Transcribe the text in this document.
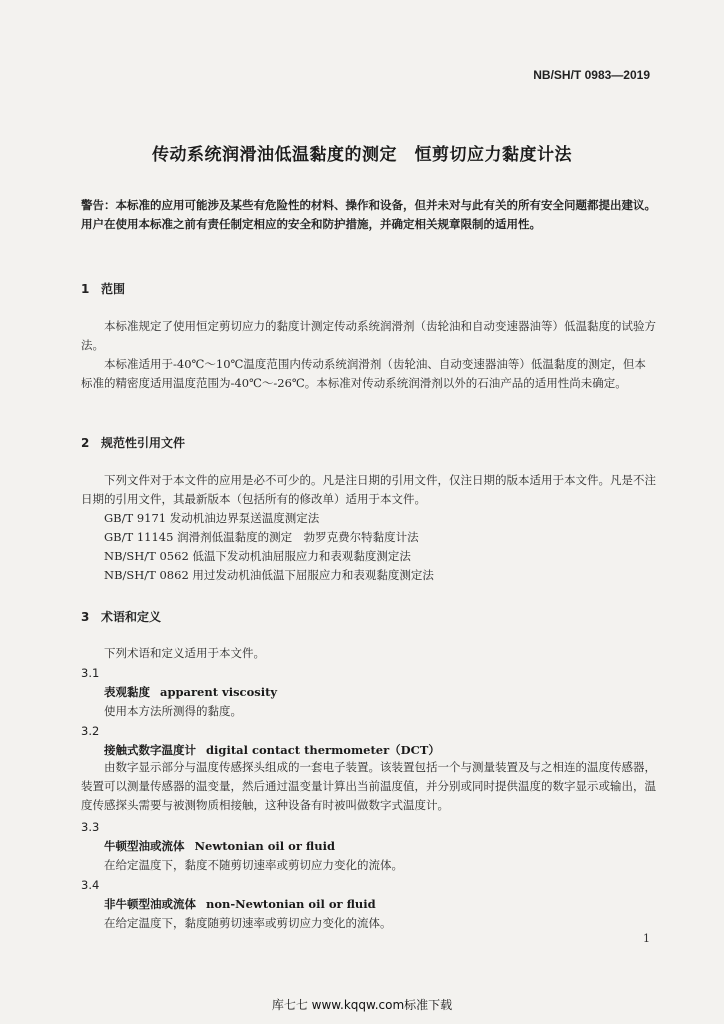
NB/SH/T 0983—2019
传动系统润滑油低温黏度的测定　恒剪切应力黏度计法
警告：本标准的应用可能涉及某些有危险性的材料、操作和设备，但并未对与此有关的所有安全问题都提出建议。用户在使用本标准之前有责任制定相应的安全和防护措施，并确定相关规章限制的适用性。
1 范围

本标准规定了使用恒定剪切应力的黏度计测定传动系统润滑剂（齿轮油和自动变速器油等）低温黏度的试验方法。

本标准适用于-40℃～10℃温度范围内传动系统润滑剂（齿轮油、自动变速器油等）低温黏度的测定，但本标准的精密度适用温度范围为-40℃～-26℃。本标准对传动系统润滑剂以外的石油产品的适用性尚未确定。

2 规范性引用文件

下列文件对于本文件的应用是必不可少的。凡是注日期的引用文件，仅注日期的版本适用于本文件。凡是不注日期的引用文件，其最新版本（包括所有的修改单）适用于本文件。

GB/T 9171 发动机油边界泵送温度测定法
GB/T 11145 润滑剂低温黏度的测定　勃罗克费尔特黏度计法
NB/SH/T 0562 低温下发动机油屈服应力和表观黏度测定法
NB/SH/T 0862 用过发动机油低温下屈服应力和表观黏度测定法
3 术语和定义
下列术语和定义适用于本文件。
3.1
表观黏度 apparent viscosity
使用本方法所测得的黏度。
3.2
接触式数字温度计 digital contact thermometer（DCT）

由数字显示部分与温度传感探头组成的一套电子装置。该装置包括一个与测量装置及与之相连的温度传感器，装置可以测量传感器的温变量，然后通过温变量计算出当前温度值，并分别或同时提供温度的数字显示或输出，温度传感探头需要与被测物质相接触，这种设备有时被叫做数字式温度计。

3.3
牛顿型油或流体 Newtonian oil or fluid
在给定温度下，黏度不随剪切速率或剪切应力变化的流体。
3.4
非牛顿型油或流体 non-Newtonian oil or fluid
在给定温度下，黏度随剪切速率或剪切应力变化的流体。
1
库七七 www.kqqw.com标准下载
